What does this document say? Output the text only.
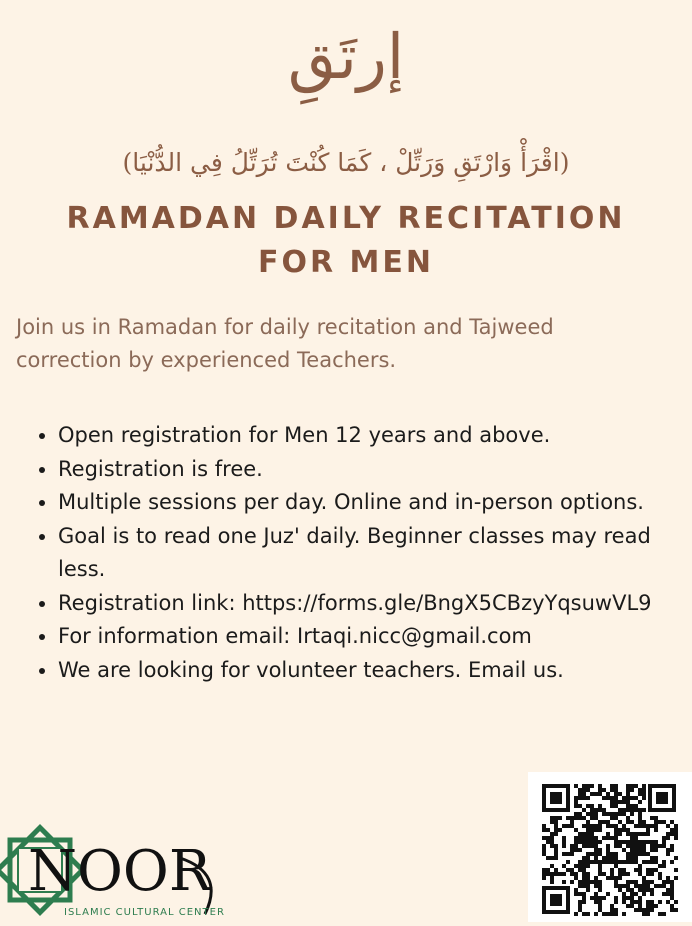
إرتَقِ
(اقْرَأْ وَارْتَقِ وَرَتِّلْ ، كَمَا كُنْتَ تُرَتِّلُ فِي الدُّنْيَا)
RAMADAN DAILY RECITATION
FOR MEN
Join us in Ramadan for daily recitation and Tajweed correction by experienced Teachers.
• Open registration for Men 12 years and above.
• Registration is free.
• Multiple sessions per day. Online and in-person options.
• Goal is to read one Juz' daily. Beginner classes may read less.
• Registration link: https://forms.gle/BngX5CBzyYqsuwVL9
• For information email: Irtaqi.nicc@gmail.com
• We are looking for volunteer teachers. Email us.
NOOR
ISLAMIC CULTURAL CENTER
